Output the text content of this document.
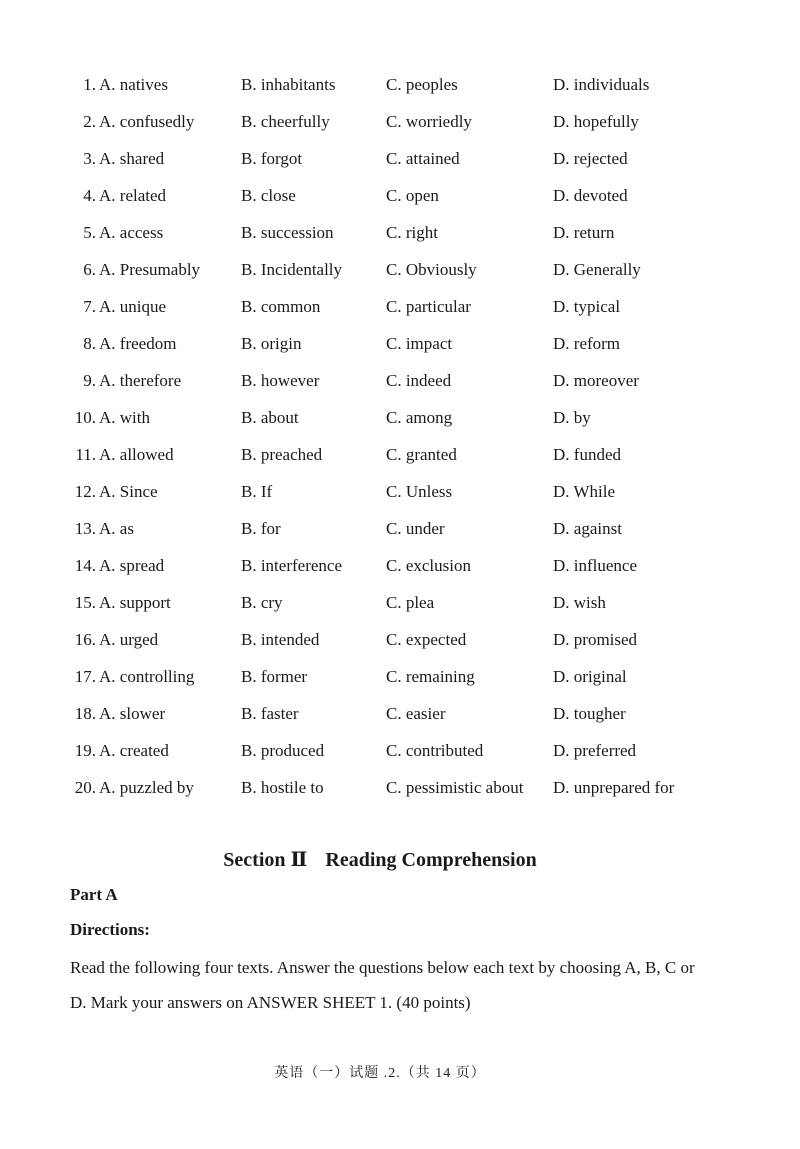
1. A. natives	B. inhabitants	C. peoples	D. individuals
2. A. confusedly	B. cheerfully	C. worriedly	D. hopefully
3. A. shared	B. forgot	C. attained	D. rejected
4. A. related	B. close	C. open	D. devoted
5. A. access	B. succession	C. right	D. return
6. A. Presumably B. Incidentally	C. Obviously	D. Generally
7. A. unique	B. common	C. particular	D. typical
8. A. freedom	B. origin	C. impact	D. reform
9. A. therefore	B. however	C. indeed	D. moreover
10. A. with	B. about	C. among	D. by
11. A. allowed	B. preached	C. granted	D. funded
12. A. Since	B. If	C. Unless	D. While
13. A. as	B. for	C. under	D. against
14. A. spread	B. interference	C. exclusion	D. influence
15. A. support	B. cry	C. plea	D. wish
16. A. urged	B. intended	C. expected	D. promised
17. A. controlling	B. former	C. remaining	D. original
18. A. slower	B. faster	C. easier	D. tougher
19. A. created	B. produced	C. contributed	D. preferred
20. A. puzzled by	B. hostile to	C. pessimistic about D. unprepared for
Section Ⅱ Reading Comprehension
Part A
Directions:
Read the following four texts. Answer the questions below each text by choosing A, B, C or D. Mark your answers on ANSWER SHEET 1. (40 points)
英语（一）试题 .2.（共 14 页）
